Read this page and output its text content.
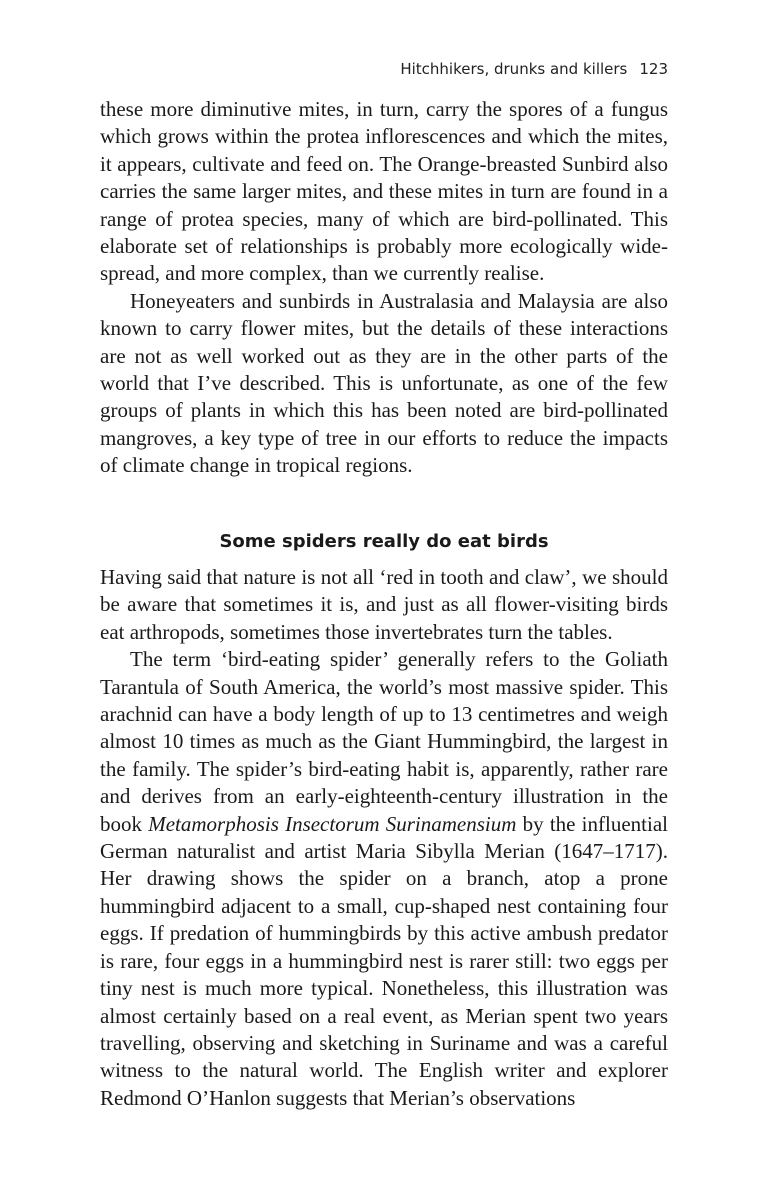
Hitchhikers, drunks and killers 123

these more diminutive mites, in turn, carry the spores of a fungus which grows within the protea inflorescences and which the mites, it appears, cultivate and feed on. The Orange-breasted Sunbird also carries the same larger mites, and these mites in turn are found in a range of protea species, many of which are bird-pollinated. This elaborate set of relationships is probably more ecologically widespread, and more complex, than we currently realise.

Honeyeaters and sunbirds in Australasia and Malaysia are also known to carry flower mites, but the details of these interactions are not as well worked out as they are in the other parts of the world that I’ve described. This is unfortunate, as one of the few groups of plants in which this has been noted are bird-pollinated mangroves, a key type of tree in our efforts to reduce the impacts of climate change in tropical regions.

Some spiders really do eat birds

Having said that nature is not all ‘red in tooth and claw’, we should be aware that sometimes it is, and just as all flower-visiting birds eat arthropods, sometimes those invertebrates turn the tables.

The term ‘bird-eating spider’ generally refers to the Goliath Tarantula of South America, the world’s most massive spider. This arachnid can have a body length of up to 13 centimetres and weigh almost 10 times as much as the Giant Hummingbird, the largest in the family. The spider’s bird-eating habit is, apparently, rather rare and derives from an early-eighteenth-century illustration in the book Metamorphosis Insectorum Surinamensium by the influential German naturalist and artist Maria Sibylla Merian (1647–1717). Her drawing shows the spider on a branch, atop a prone hummingbird adjacent to a small, cup-shaped nest containing four eggs. If predation of hummingbirds by this active ambush predator is rare, four eggs in a hummingbird nest is rarer still: two eggs per tiny nest is much more typical. Nonetheless, this illustration was almost certainly based on a real event, as Merian spent two years travelling, observing and sketching in Suriname and was a careful witness to the natural world. The English writer and explorer Redmond O’Hanlon suggests that Merian’s observations
